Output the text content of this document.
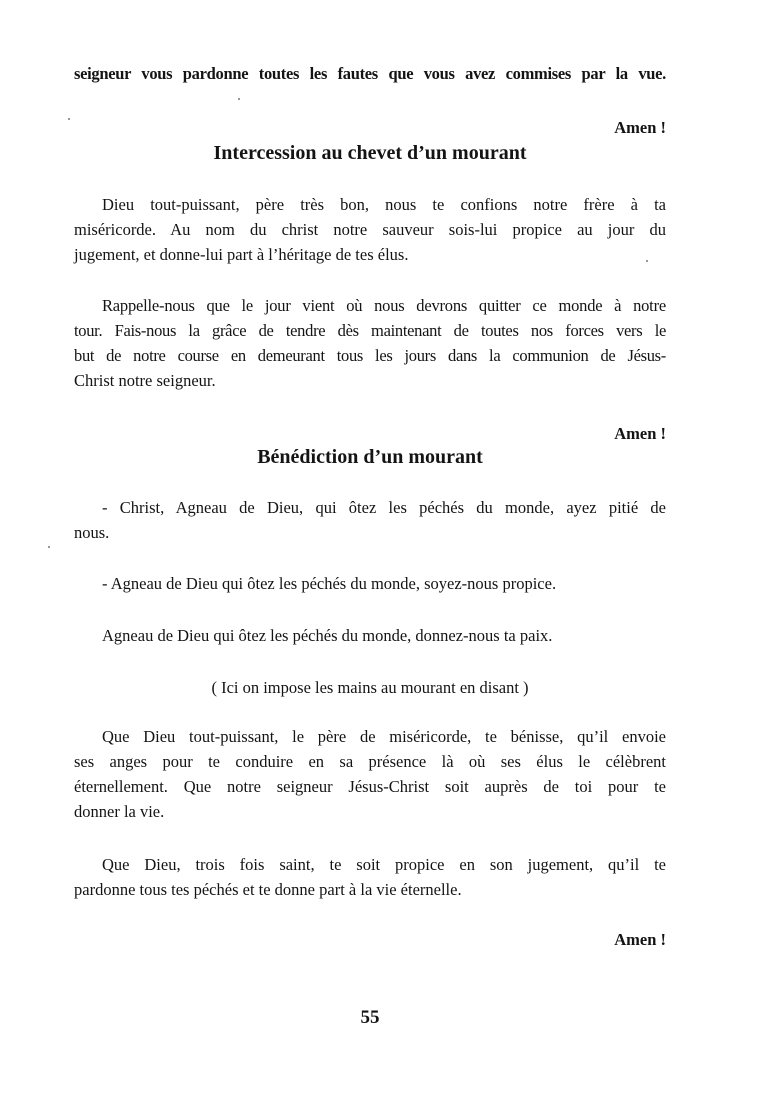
seigneur vous pardonne toutes les fautes que vous avez commises par la vue.
Amen !
Intercession au chevet d’un mourant
Dieu tout-puissant, père très bon, nous te confions notre frère à ta
miséricorde. Au nom du christ notre sauveur sois-lui propice au jour du
jugement, et donne-lui part à l’héritage de tes élus.
Rappelle-nous que le jour vient où nous devrons quitter ce monde à notre
tour. Fais-nous la grâce de tendre dès maintenant de toutes nos forces vers le
but de notre course en demeurant tous les jours dans la communion de Jésus-
Christ notre seigneur.
Amen !
Bénédiction d’un mourant
- Christ, Agneau de Dieu, qui ôtez les péchés du monde, ayez pitié de
nous.
- Agneau de Dieu qui ôtez les péchés du monde, soyez-nous propice.
Agneau de Dieu qui ôtez les péchés du monde, donnez-nous ta paix.
( Ici on impose les mains au mourant en disant )
Que Dieu tout-puissant, le père de miséricorde, te bénisse, qu’il envoie
ses anges pour te conduire en sa présence là où ses élus le célèbrent
éternellement. Que notre seigneur Jésus-Christ soit auprès de toi pour te
donner la vie.
Que Dieu, trois fois saint, te soit propice en son jugement, qu’il te
pardonne tous tes péchés et te donne part à la vie éternelle.
Amen !
55
